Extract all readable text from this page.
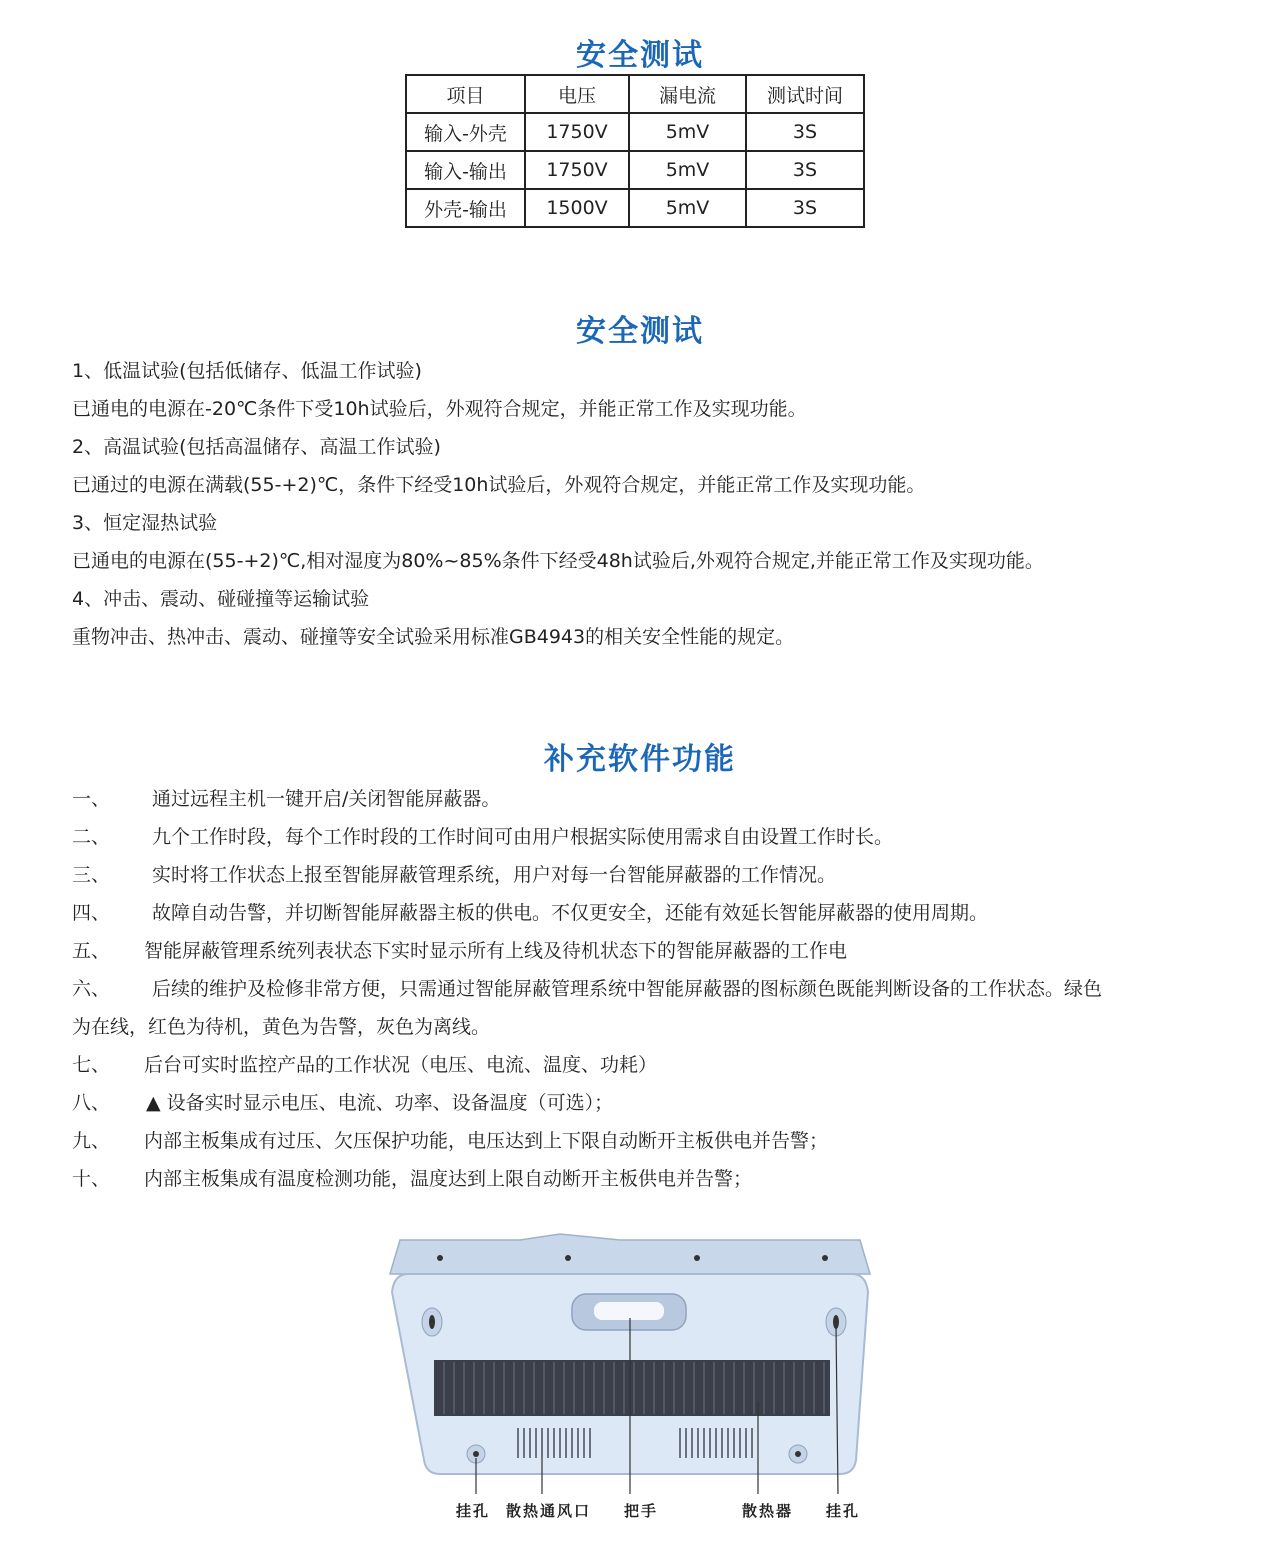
安全测试
项目	电压	漏电流	测试时间
输入-外壳	1750V	5mV	3S
输入-输出	1750V	5mV	3S
外壳-输出	1500V	5mV	3S
安全测试
1、低温试验(包括低储存、低温工作试验)
已通电的电源在-20℃条件下受10h试验后，外观符合规定，并能正常工作及实现功能。
2、高温试验(包括高温储存、高温工作试验)
已通过的电源在满载(55-+2)℃，条件下经受10h试验后，外观符合规定，并能正常工作及实现功能。
3、恒定湿热试验
已通电的电源在(55-+2)℃,相对湿度为80%~85%条件下经受48h试验后,外观符合规定,并能正常工作及实现功能。
4、冲击、震动、碰碰撞等运输试验
重物冲击、热冲击、震动、碰撞等安全试验采用标准GB4943的相关安全性能的规定。
补充软件功能
一、 通过远程主机一键开启/关闭智能屏蔽器。
二、 九个工作时段，每个工作时段的工作时间可由用户根据实际使用需求自由设置工作时长。
三、 实时将工作状态上报至智能屏蔽管理系统，用户对每一台智能屏蔽器的工作情况。
四、 故障自动告警，并切断智能屏蔽器主板的供电。不仅更安全，还能有效延长智能屏蔽器的使用周期。
五、 智能屏蔽管理系统列表状态下实时显示所有上线及待机状态下的智能屏蔽器的工作电
六、 后续的维护及检修非常方便，只需通过智能屏蔽管理系统中智能屏蔽器的图标颜色既能判断设备的工作状态。绿色
为在线，红色为待机，黄色为告警，灰色为离线。
七、 后台可实时监控产品的工作状况（电压、电流、温度、功耗）
八、 ▲ 设备实时显示电压、电流、功率、设备温度（可选）；
九、 内部主板集成有过压、欠压保护功能，电压达到上下限自动断开主板供电并告警；
十、 内部主板集成有温度检测功能，温度达到上限自动断开主板供电并告警；
挂孔 散热通风口 把手	散热器 挂孔
